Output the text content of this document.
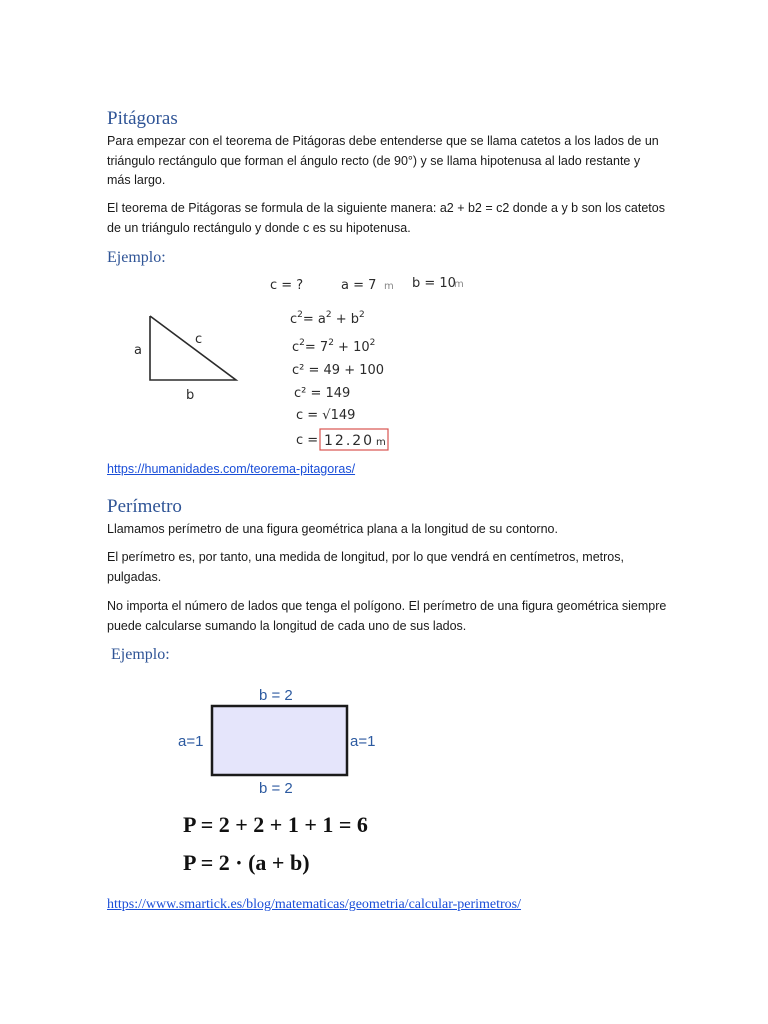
Pitágoras

Para empezar con el teorema de Pitágoras debe entenderse que se llama catetos a los lados de un triángulo rectángulo que forman el ángulo recto (de 90°) y se llama hipotenusa al lado restante y más largo.

El teorema de Pitágoras se formula de la siguiente manera: a2 + b2 = c2 donde a y b son los catetos de un triángulo rectángulo y donde c es su hipotenusa.

Ejemplo:

a
c
b
c = ?	a = 7 m b = 10
m
$c^2= a^2 + b^2$
$c^2= 7^2 + 10^2$
c² = 49 + 100
c² = 149
c = √149
c = 12.20 m
https://humanidades.com/teorema-pitagoras/
Perímetro

Llamamos perímetro de una figura geométrica plana a la longitud de su contorno.

El perímetro es, por tanto, una medida de longitud, por lo que vendrá en centímetros, metros, pulgadas.

No importa el número de lados que tenga el polígono. El perímetro de una figura geométrica siempre puede calcularse sumando la longitud de cada uno de sus lados.

Ejemplo:

b = 2
b = 2
a=1	a=1
P = 2 + 2 + 1 + 1 = 6
P = 2 · (a + b)
https://www.smartick.es/blog/matematicas/geometria/calcular-perimetros/
